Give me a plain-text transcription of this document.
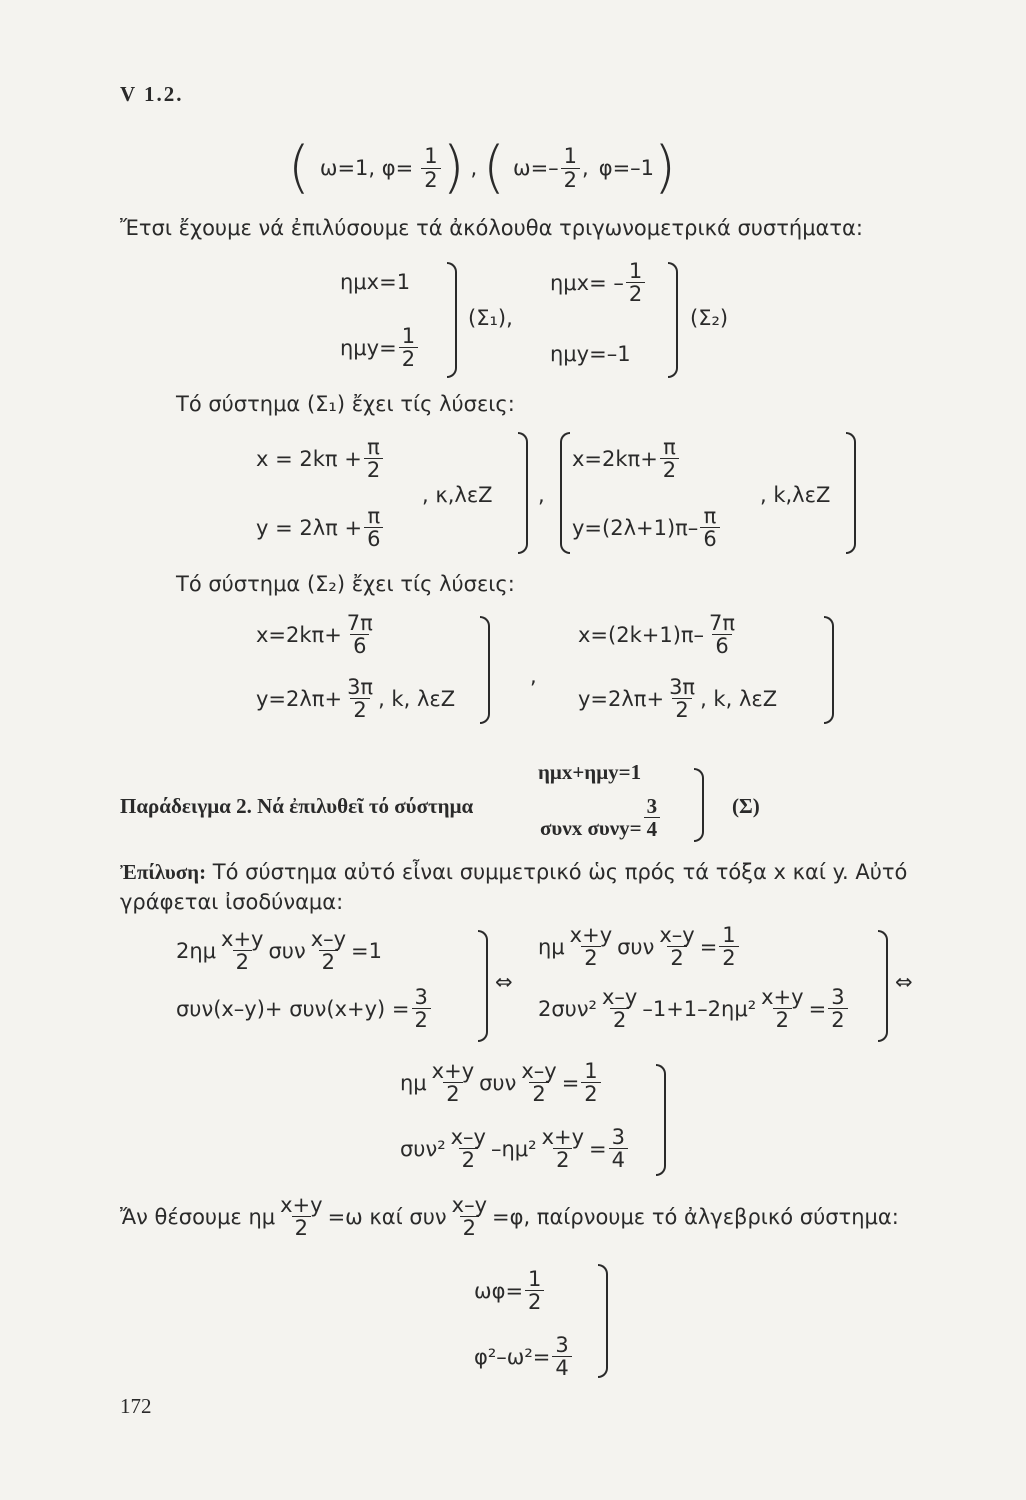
V 1.2.
( ω=1, $\varphi= \frac{1}{2}$ ) , ( $\omega=- \frac{1}{2}$ , φ=–1 )
Ἔτσι ἔχουμε νά ἐπιλύσουμε τά ἀκόλουθα τριγωνομετρικά συστήματα:
ημx=1
$\eta\mu y= \frac{1}{2}$
(Σ₁),
$\eta\mu x= - \frac{1}{2}$
ημy=–1
(Σ₂)
Τό σύστημα (Σ₁) ἔχει τίς λύσεις:
$x = 2k\pi + \frac{\pi}{2}$
$y = 2\lambda\pi + \frac{\pi}{6}$
, κ,λεZ ,
$x=2k\pi+ \frac{\pi}{2}$
$y=(2\lambda+1)\pi- \frac{\pi}{6}$
, k,λεZ
Τό σύστημα (Σ₂) ἔχει τίς λύσεις:
$x=2k\pi+ \frac{7\pi}{6}$
$y=2\lambda\pi+ \frac{3\pi}{2}$ , k, λεZ
,
$x=(2k+1)\pi- \frac{7\pi}{6}$
$y=2\lambda\pi+ \frac{3\pi}{2}$ , k, λεZ
ημx+ημy=1
Παράδειγμα 2. Νά ἐπιλυθεῖ τό σύστημα
συνx $\sigma\upsilon\nu y= \frac{3}{4}$	(Σ)
Ἐπίλυση: Τό σύστημα αὐτό εἶναι συμμετρικό ὡς πρός τά τόξα x καί y. Αὐτό
γράφεται ἰσοδύναμα:
$2\eta\mu \frac{x+y}{2}$ συν $\frac{x-y}{2} =1$
$\sigma\upsilon\nu(x-y)+ \sigma\upsilon\nu(x+y) = \frac{3}{2}$
⇔
ημ $\frac{x+y}{2}$ συν $\frac{x-y}{2} = \frac{1}{2}$
$2\sigma\upsilon\nu^2 \frac{x-y}{2} -1+1-2\eta\mu^2 \frac{x+y}{2} = \frac{3}{2}$
⇔
ημ $\frac{x+y}{2}$ συν $\frac{x-y}{2} = \frac{1}{2}$
$\sigma\upsilon\nu^2 \frac{x-y}{2} -\eta\mu^2 \frac{x+y}{2} = \frac{3}{4}$
Ἄν θέσουμε ημ $\frac{x+y}{2} =\omega$ καί συν $\frac{x-y}{2} =\varphi$, παίρνουμε τό ἀλγεβρικό σύστημα:
$\omega\varphi= \frac{1}{2}$
$\varphi^2-\omega^2= \frac{3}{4}$
172
